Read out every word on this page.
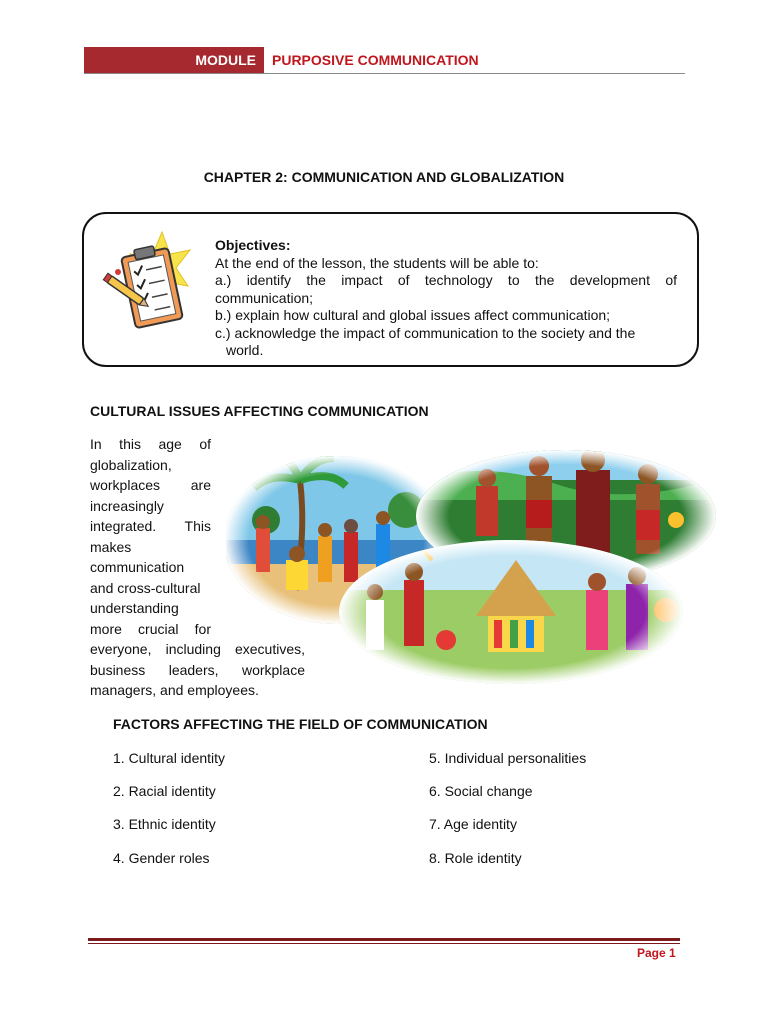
MODULE PURPOSIVE COMMUNICATION
CHAPTER 2: COMMUNICATION AND GLOBALIZATION
Objectives:
At the end of the lesson, the students will be able to:
a.) identify the impact of technology to the development of
communication;
b.) explain how cultural and global issues affect communication;
c.) acknowledge the impact of communication to the society and the
world.
CULTURAL ISSUES AFFECTING COMMUNICATION
In this age of
globalization,
workplaces are
increasingly
integrated. This
makes
communication
and cross-cultural
understanding
more crucial for
everyone, including executives,
business leaders, workplace
managers, and employees.
FACTORS AFFECTING THE FIELD OF COMMUNICATION
1. Cultural identity
2. Racial identity
3. Ethnic identity
4. Gender roles
5. Individual personalities
6. Social change
7. Age identity
8. Role identity
Page 1
